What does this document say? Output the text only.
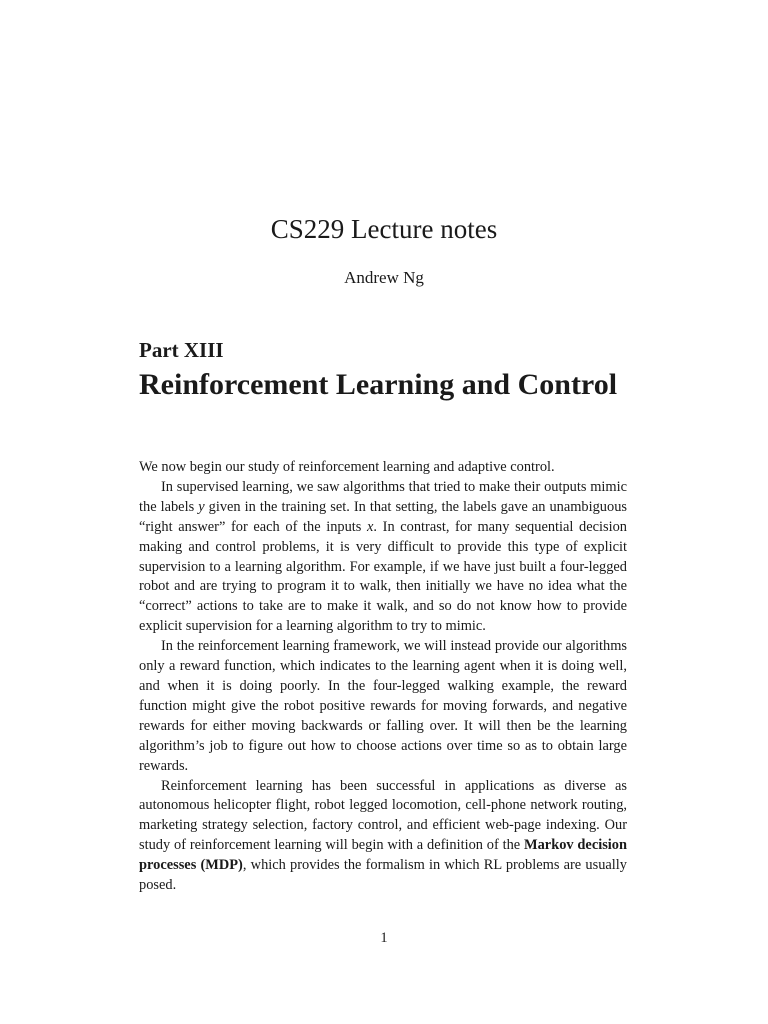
CS229 Lecture notes
Andrew Ng
Part XIII
Reinforcement Learning and Control

We now begin our study of reinforcement learning and adaptive control.

In supervised learning, we saw algorithms that tried to make their outputs mimic the labels y given in the training set. In that setting, the labels gave an unambiguous “right answer” for each of the inputs x. In contrast, for many sequential decision making and control problems, it is very difficult to provide this type of explicit supervision to a learning algorithm. For example, if we have just built a four-legged robot and are trying to program it to walk, then initially we have no idea what the “correct” actions to take are to make it walk, and so do not know how to provide explicit supervision for a learning algorithm to try to mimic.

In the reinforcement learning framework, we will instead provide our algorithms only a reward function, which indicates to the learning agent when it is doing well, and when it is doing poorly. In the four-legged walking example, the reward function might give the robot positive rewards for moving forwards, and negative rewards for either moving backwards or falling over. It will then be the learning algorithm’s job to figure out how to choose actions over time so as to obtain large rewards.

Reinforcement learning has been successful in applications as diverse as autonomous helicopter flight, robot legged locomotion, cell-phone network routing, marketing strategy selection, factory control, and efficient web-page indexing. Our study of reinforcement learning will begin with a definition of the Markov decision processes (MDP), which provides the formalism in which RL problems are usually posed.

1
